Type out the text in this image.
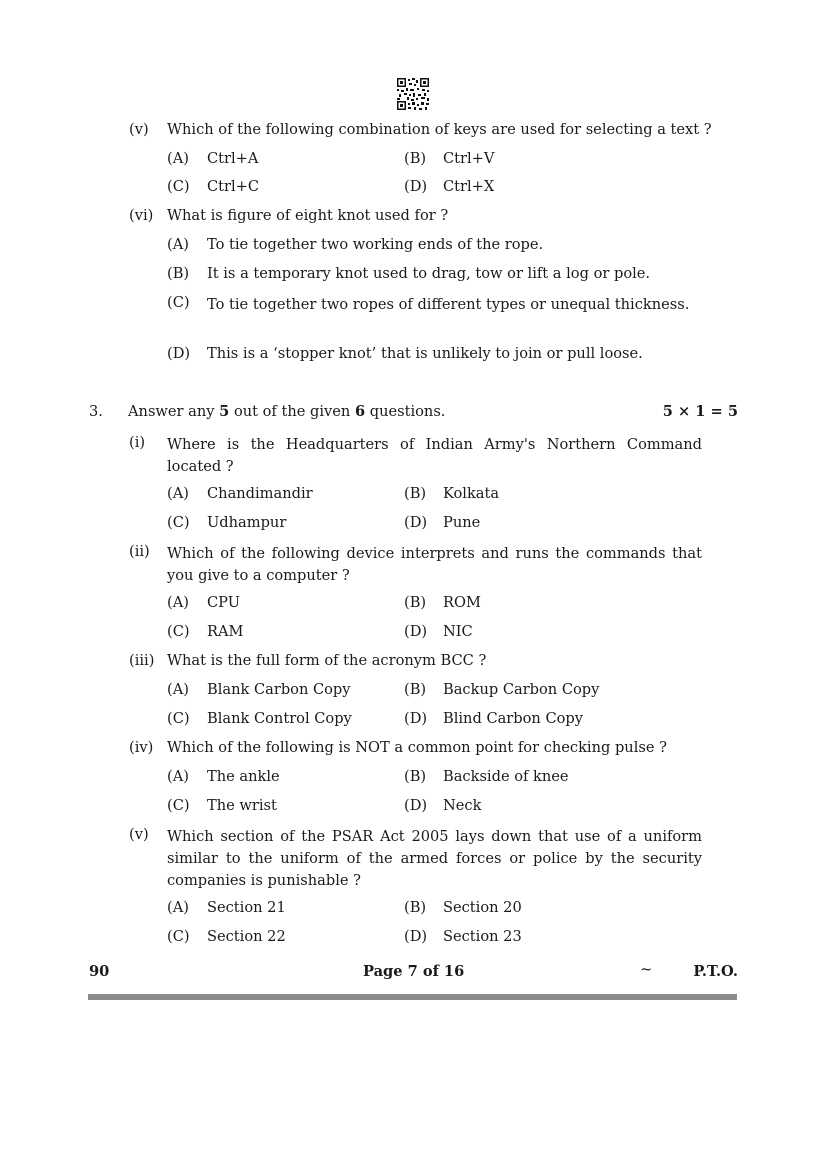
(v) Which of the following combination of keys are used for selecting a text ?
(A) Ctrl+A	(B) Ctrl+V
(C) Ctrl+C	(D) Ctrl+X
(vi) What is figure of eight knot used for ?
(A) To tie together two working ends of the rope.
(B) It is a temporary knot used to drag, tow or lift a log or pole.
(C) To tie together two ropes of different types or unequal thickness.
(D) This is a ‘stopper knot’ that is unlikely to join or pull loose.
3. Answer any 5 out of the given 6 questions.	5 × 1 = 5
(i) Where is the Headquarters of Indian Army's Northern Command located ?
(A) Chandimandir	(B) Kolkata
(C) Udhampur	(D) Pune
(ii) Which of the following device interprets and runs the commands that you give to a computer ?
(A) CPU	(B) ROM
(C) RAM	(D) NIC
(iii) What is the full form of the acronym BCC ?
(A) Blank Carbon Copy	(B) Backup Carbon Copy
(C) Blank Control Copy	(D) Blind Carbon Copy
(iv) Which of the following is NOT a common point for checking pulse ?
(A) The ankle	(B) Backside of knee
(C) The wrist	(D) Neck
(v) Which section of the PSAR Act 2005 lays down that use of a uniform similar to the uniform of the armed forces or police by the security companies is punishable ?
(A) Section 21	(B) Section 20
(C) Section 22	(D) Section 23
90	Page 7 of 16	~	P.T.O.
